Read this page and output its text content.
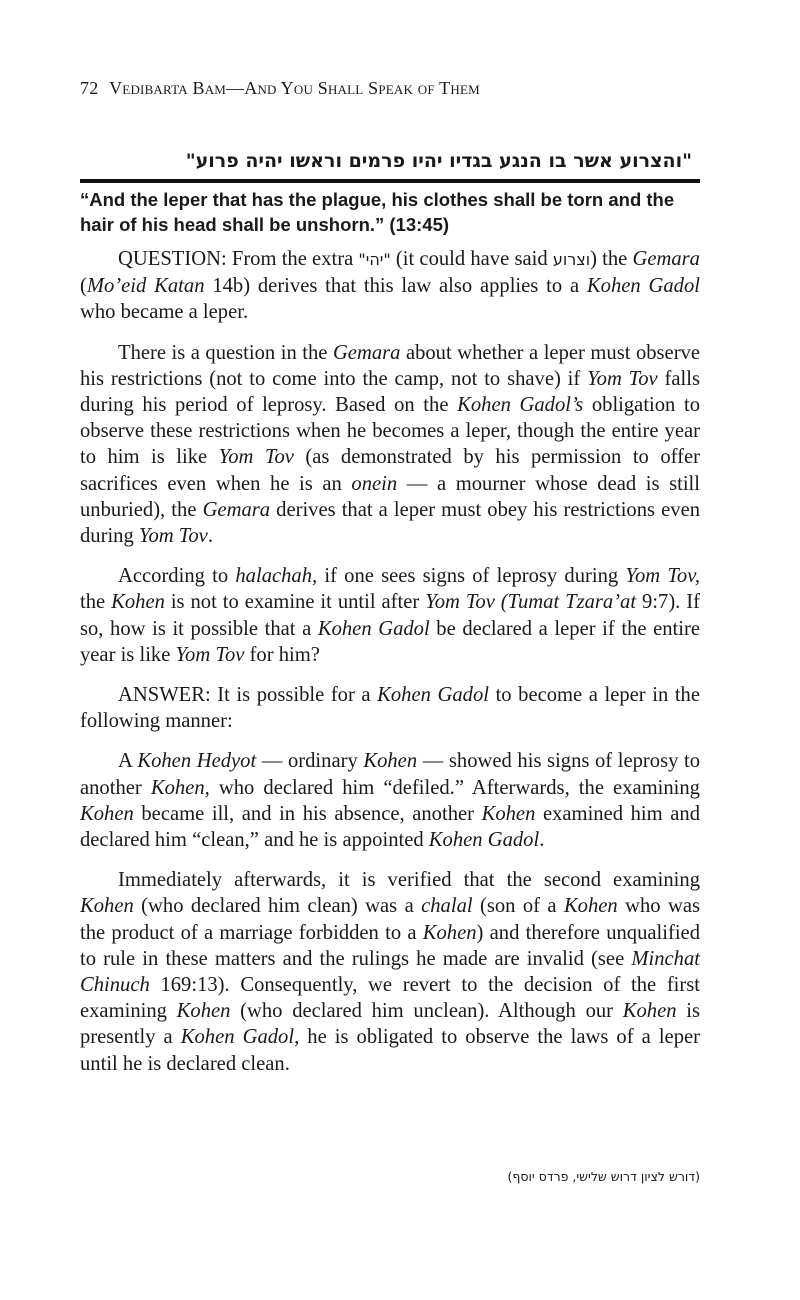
72 Vedibarta Bam—And You Shall Speak of Them
"והצרוע אשר בו הנגע בגדיו יהיו פרמים וראשו יהיה פרוע"
“And the leper that has the plague, his clothes shall be torn and the hair of his head shall be unshorn.” (13:45)

QUESTION: From the extra "יהי" (it could have said וצרוע) the Gemara (Mo’eid Katan 14b) derives that this law also applies to a Kohen Gadol who became a leper.

There is a question in the Gemara about whether a leper must observe his restrictions (not to come into the camp, not to shave) if Yom Tov falls during his period of leprosy. Based on the Kohen Gadol’s obligation to observe these restrictions when he becomes a leper, though the entire year to him is like Yom Tov (as demonstrated by his permission to offer sacrifices even when he is an onein — a mourner whose dead is still unburied), the Gemara derives that a leper must obey his restrictions even during Yom Tov.

According to halachah, if one sees signs of leprosy during Yom Tov, the Kohen is not to examine it until after Yom Tov (Tumat Tzara’at 9:7). If so, how is it possible that a Kohen Gadol be declared a leper if the entire year is like Yom Tov for him?

ANSWER: It is possible for a Kohen Gadol to become a leper in the following manner:

A Kohen Hedyot — ordinary Kohen — showed his signs of leprosy to another Kohen, who declared him “defiled.” Afterwards, the examining Kohen became ill, and in his absence, another Kohen examined him and declared him “clean,” and he is appointed Kohen Gadol.

Immediately afterwards, it is verified that the second examining Kohen (who declared him clean) was a chalal (son of a Kohen who was the product of a marriage forbidden to a Kohen) and therefore unqualified to rule in these matters and the rulings he made are invalid (see Minchat Chinuch 169:13). Consequently, we revert to the decision of the first examining Kohen (who declared him unclean). Although our Kohen is presently a Kohen Gadol, he is obligated to observe the laws of a leper until he is declared clean.

(דורש לציון דרוש שלישי, פרדס יוסף)
